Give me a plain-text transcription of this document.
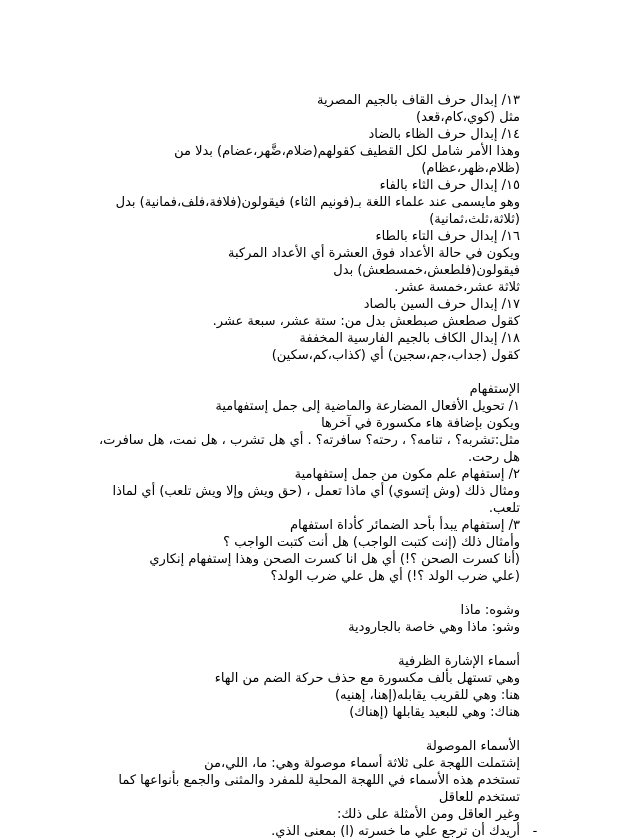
١٣/ إبدال حرف القاف بالجيم المصرية

مثل (كوي،كام،قعد)

١٤/ إبدال حرف الظاء بالضاد

وهذا الأمر شامل لكل القطيف كقولهم(ضلام،ضَّهر،عضام) بدلا من (ظلام،ظهر،عظام)

١٥/ إبدال حرف الثاء بالفاء

وهو مايسمى عند علماء اللغة بـ(فونيم الثاء) فيقولون(فلافة،فلف،فمانية) بدل

(ثلاثة،ثلث،ثمانية)

١٦/ إبدال حرف التاء بالطاء

ويكون في حالة الأعداد فوق العشرة أي الأعداد المركبة فيقولون(فلطعش،خمسطعش) بدل

ثلاثة عشر،خمسة عشر.

١٧/ إبدال حرف السين بالصاد

كقول صطعش صبطعش بدل من: ستة عشر، سبعة عشر.

١٨/ إبدال الكاف بالجيم الفارسية المخففة

كقول (جداب،جم،سجين) أي (كذاب،كم،سكين)

الإستفهام

١/ تحويل الأفعال المضارعة والماضية إلى جمل إستفهامية

ويكون بإضافة هاء مكسورة في آخرها

مثل:تشربه؟ ، تنامه؟ ، رحته؟ سافرته؟ . أي هل تشرب ، هل نمت، هل سافرت، هل رحت.

٢/ إستفهام علم مكون من جمل إستفهامية

ومثال ذلك (وش إتسوي) أي ماذا تعمل ، (حق ويش وإلا ويش تلعب) أي لماذا تلعب.

٣/ إستفهام يبدأ بأحد الضمائر كأداة استفهام

وأمثال ذلك (إنت كتبت الواجب) هل أنت كتبت الواجب ؟

(أنا كسرت الصحن ؟!) أي هل انا كسرت الصحن وهذا إستفهام إنكاري

(علي ضرب الولد ؟!) أي هل علي ضرب الولد؟

وشوه: ماذا

وشو: ماذا وهي خاصة بالجارودية

أسماء الإشارة الظرفية

وهي تستهل بألف مكسورة مع حذف حركة الضم من الهاء

هنا: وهي للقريب يقابله(إهنا، إهنيه)

هناك: وهي للبعيد يقابلها (إهناك)

الأسماء الموصولة

إشتملت اللهجة على ثلاثة أسماء موصولة وهي: ما، اللي،من

تستخدم هذه الأسماء في اللهجة المحلية للمفرد والمثنى والجمع بأنواعها كما تستخدم للعاقل

وغير العاقل ومن الأمثلة على ذلك:

أريدك أن ترجع علي ما خسرته (ا) بمعنى الذي. -
